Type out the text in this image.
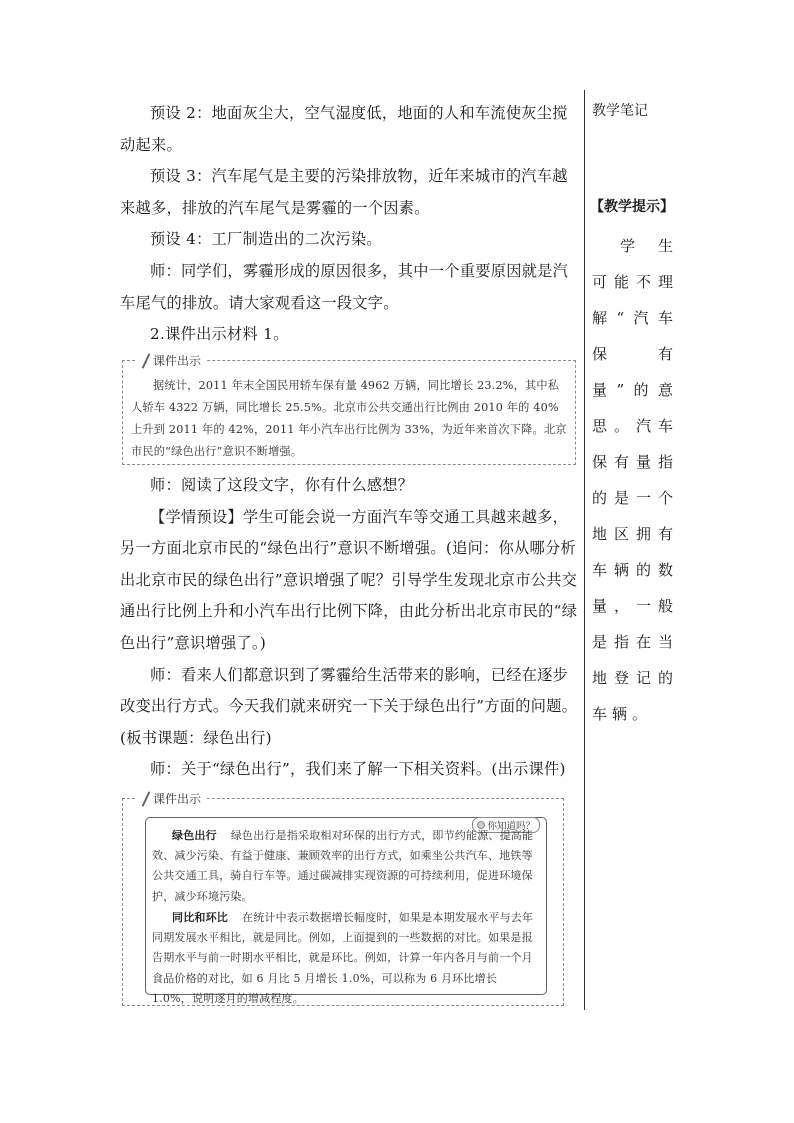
预设 2：地面灰尘大，空气湿度低，地面的人和车流使灰尘搅动起来。

预设 3：汽车尾气是主要的污染排放物，近年来城市的汽车越来越多，排放的汽车尾气是雾霾的一个因素。

预设 4：工厂制造出的二次污染。

师：同学们，雾霾形成的原因很多，其中一个重要原因就是汽车尾气的排放。请大家观看这一段文字。

2.课件出示材料 1。

课件出示

据统计，2011 年末全国民用轿车保有量 4962 万辆，同比增长 23.2%，其中私人轿车 4322 万辆，同比增长 25.5%。北京市公共交通出行比例由 2010 年的 40%上升到 2011 年的 42%，2011 年小汽车出行比例为 33%，为近年来首次下降。北京市民的“绿色出行”意识不断增强。

师：阅读了这段文字，你有什么感想？

【学情预设】学生可能会说一方面汽车等交通工具越来越多，另一方面北京市民的“绿色出行”意识不断增强。(追问：你从哪分析出北京市民的绿色出行”意识增强了呢？引导学生发现北京市公共交通出行比例上升和小汽车出行比例下降，由此分析出北京市民的“绿色出行”意识增强了。)

师：看来人们都意识到了雾霾给生活带来的影响，已经在逐步改变出行方式。今天我们就来研究一下关于绿色出行”方面的问题。(板书课题：绿色出行)

师：关于“绿色出行”，我们来了解一下相关资料。(出示课件)

课件出示
你知道吗？

绿色出行 绿色出行是指采取相对环保的出行方式，即节约能源、提高能效、减少污染、有益于健康、兼顾效率的出行方式，如乘坐公共汽车、地铁等公共交通工具，骑自行车等。通过碳减排实现资源的可持续利用，促进环境保护，减少环境污染。

同比和环比 在统计中表示数据增长幅度时，如果是本期发展水平与去年同期发展水平相比，就是同比。例如，上面提到的一些数据的对比。如果是报告期水平与前一时期水平相比，就是环比。例如，计算一年内各月与前一个月食品价格的对比，如 6 月比 5 月增长 1.0%，可以称为 6 月环比增长 1.0%，说明逐月的增减程度。

教学笔记
【教学提示】

学生可能不理解“汽车保有量”的意思。汽车保有量指的是一个地区拥有车辆的数量，一般是指在当地登记的车辆。
